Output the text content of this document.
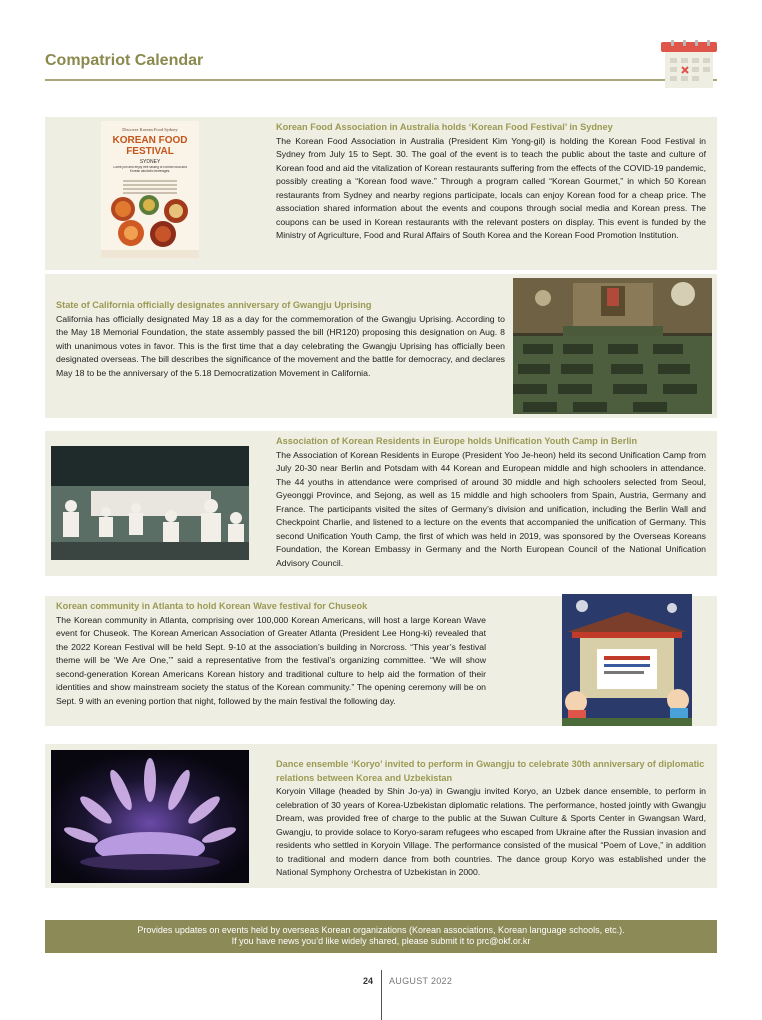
Compatriot Calendar
Discover Korean Food Sydney
KOREAN FOOD
FESTIVAL
SYDNEY
Come join and enjoy free tasting of Korean food and Korean alcoholic beverages.
Korean Food Association in Australia holds ‘Korean Food Festival’ in Sydney
The Korean Food Association in Australia (President Kim Yong-gil) is holding the Korean Food Festival in Sydney from July 15 to Sept. 30. The goal of the event is to teach the public about the taste and culture of Korean food and aid the vitalization of Korean restaurants suffering from the effects of the COVID-19 pandemic, possibly creating a “Korean food wave.” Through a program called “Korean Gourmet,” in which 50 Korean restaurants from Sydney and nearby regions participate, locals can enjoy Korean food for a cheap price. The association shared information about the events and coupons through social media and Korean press. The coupons can be used in Korean restaurants with the relevant posters on display. This event is funded by the Ministry of Agriculture, Food and Rural Affairs of South Korea and the Korean Food Promotion Institution.
State of California officially designates anniversary of Gwangju Uprising
California has officially designated May 18 as a day for the commemoration of the Gwangju Uprising. According to the May 18 Memorial Foundation, the state assembly passed the bill (HR120) proposing this designation on Aug. 8 with unanimous votes in favor. This is the first time that a day celebrating the Gwangju Uprising has officially been designated overseas. The bill describes the significance of the movement and the battle for democracy, and declares May 18 to be the anniversary of the 5.18 Democratization Movement in California.
Association of Korean Residents in Europe holds Unification Youth Camp in Berlin
The Association of Korean Residents in Europe (President Yoo Je-heon) held its second Unification Camp from July 20-30 near Berlin and Potsdam with 44 Korean and European middle and high schoolers in attendance. The 44 youths in attendance were comprised of around 30 middle and high schoolers selected from Seoul, Gyeonggi Province, and Sejong, as well as 15 middle and high schoolers from Spain, Austria, Germany and France. The participants visited the sites of Germany’s division and unification, including the Berlin Wall and Checkpoint Charlie, and listened to a lecture on the events that accompanied the unification of Germany. This second Unification Youth Camp, the first of which was held in 2019, was sponsored by the Overseas Koreans Foundation, the Korean Embassy in Germany and the North European Council of the National Unification Advisory Council.
Korean community in Atlanta to hold Korean Wave festival for Chuseok
The Korean community in Atlanta, comprising over 100,000 Korean Americans, will host a large Korean Wave event for Chuseok. The Korean American Association of Greater Atlanta (President Lee Hong-ki) revealed that the 2022 Korean Festival will be held Sept. 9-10 at the association’s building in Norcross. “This year’s festival theme will be ‘We Are One,’” said a representative from the festival’s organizing committee. “We will show second-generation Korean Americans Korean history and traditional culture to help aid the formation of their identities and show mainstream society the status of the Korean community.” The opening ceremony will be on Sept. 9 with an evening portion that night, followed by the main festival the following day.
Dance ensemble ‘Koryo’ invited to perform in Gwangju to celebrate 30th anniversary of diplomatic relations between Korea and Uzbekistan
Koryoin Village (headed by Shin Jo-ya) in Gwangju invited Koryo, an Uzbek dance ensemble, to perform in celebration of 30 years of Korea-Uzbekistan diplomatic relations. The performance, hosted jointly with Gwangju Dream, was provided free of charge to the public at the Suwan Culture & Sports Center in Gwangsan Ward, Gwangju, to provide solace to Koryo-saram refugees who escaped from Ukraine after the Russian invasion and residents who settled in Koryoin Village. The performance consisted of the musical “Poem of Love,” in addition to traditional and modern dance from both countries. The dance group Koryo was established under the National Symphony Orchestra of Uzbekistan in 2000.
Provides updates on events held by overseas Korean organizations (Korean associations, Korean language schools, etc.).
If you have news you’d like widely shared, please submit it to prc@okf.or.kr
24 AUGUST 2022
